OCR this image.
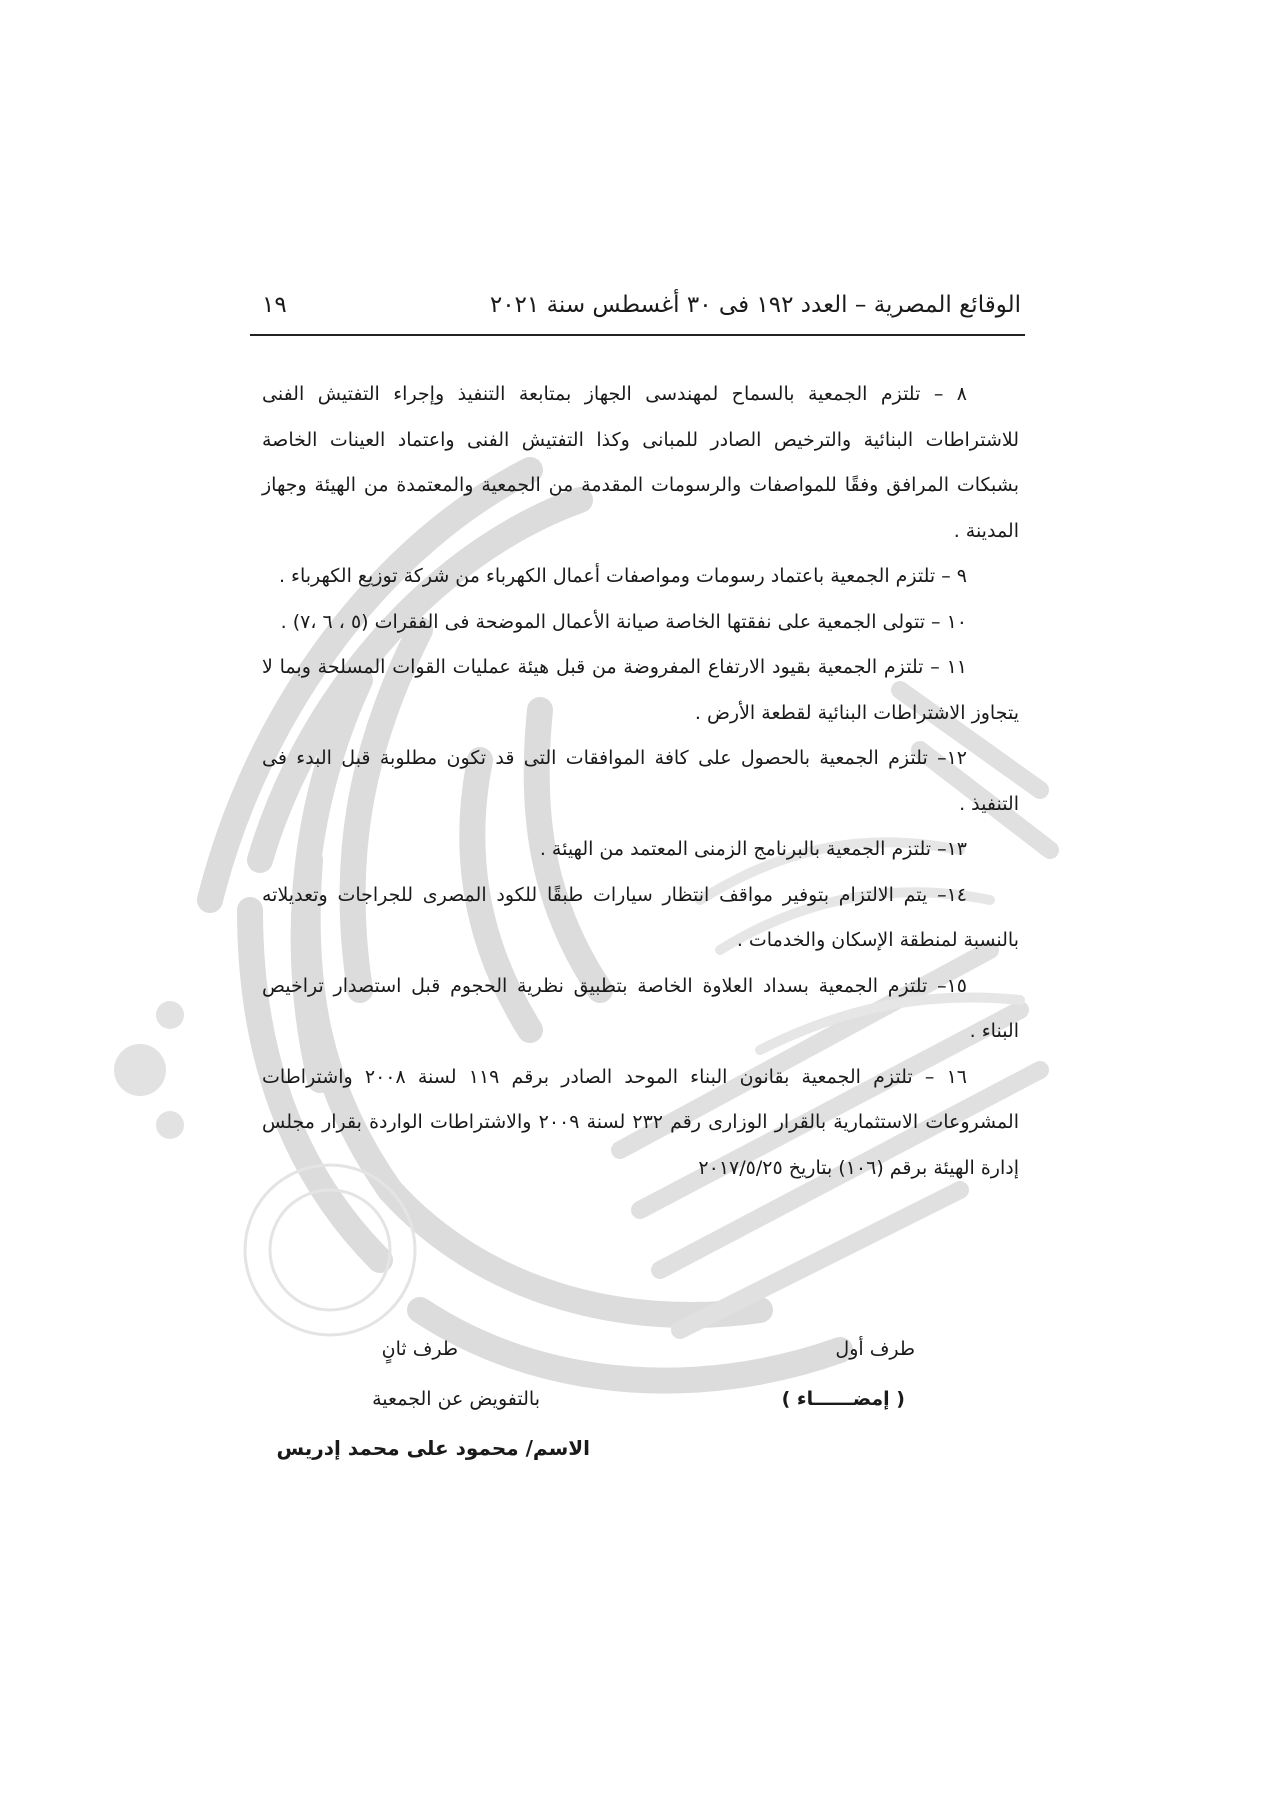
الوقائع المصرية – العدد ١٩٢ فى ٣٠ أغسطس سنة ٢٠٢١
١٩

٨ – تلتزم الجمعية بالسماح لمهندسى الجهاز بمتابعة التنفيذ وإجراء التفتيش الفنى للاشتراطات البنائية والترخيص الصادر للمبانى وكذا التفتيش الفنى واعتماد العينات الخاصة بشبكات المرافق وفقًا للمواصفات والرسومات المقدمة من الجمعية والمعتمدة من الهيئة وجهاز المدينة .

٩ – تلتزم الجمعية باعتماد رسومات ومواصفات أعمال الكهرباء من شركة توزيع الكهرباء .

١٠ – تتولى الجمعية على نفقتها الخاصة صيانة الأعمال الموضحة فى الفقرات (٥ ، ٦ ،٧) .

١١ – تلتزم الجمعية بقيود الارتفاع المفروضة من قبل هيئة عمليات القوات المسلحة وبما لا يتجاوز الاشتراطات البنائية لقطعة الأرض .

١٢– تلتزم الجمعية بالحصول على كافة الموافقات التى قد تكون مطلوبة قبل البدء فى التنفيذ .

١٣– تلتزم الجمعية بالبرنامج الزمنى المعتمد من الهيئة .

١٤– يتم الالتزام بتوفير مواقف انتظار سيارات طبقًا للكود المصرى للجراجات وتعديلاته بالنسبة لمنطقة الإسكان والخدمات .

١٥– تلتزم الجمعية بسداد العلاوة الخاصة بتطبيق نظرية الحجوم قبل استصدار تراخيص البناء .

١٦ – تلتزم الجمعية بقانون البناء الموحد الصادر برقم ١١٩ لسنة ٢٠٠٨ واشتراطات المشروعات الاستثمارية بالقرار الوزارى رقم ٢٣٢ لسنة ٢٠٠٩ والاشتراطات الواردة بقرار مجلس إدارة الهيئة برقم (١٠٦) بتاريخ ٢٠١٧/٥/٢٥

طرف أول
( إمضــــــاء )
طرف ثانٍ
بالتفويض عن الجمعية
الاسم/ محمود على محمد إدريس
